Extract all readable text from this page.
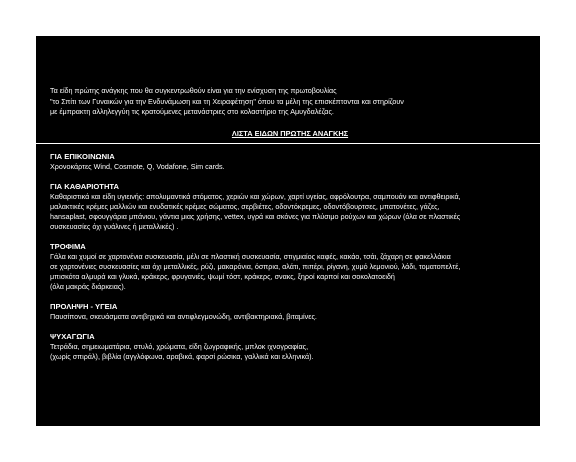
Τα είδη πρώτης ανάγκης που θα συγκεντρωθούν είναι για την ενίσχυση της πρωτοβουλίας
"το Σπίτι των Γυναικών για την Ενδυνάμωση και τη Χειραφέτηση" όπου τα μέλη της επισκέπτονται και στηρίζουν
με έμπρακτη αλληλεγγύη τις κρατούμενες μετανάστριες στο κολαστήριο της Αμυγδαλέζας.
ΛΙΣΤΑ ΕΙΔΩΝ ΠΡΩΤΗΣ ΑΝΑΓΚΗΣ
ΓΙΑ ΕΠΙΚΟΙΝΩΝΙΑ
Χρονοκάρτες Wind, Cosmote, Q, Vodafone, Sim cards.
ΓΙΑ ΚΑΘΑΡΙΟΤΗΤΑ
Καθαριστικά και είδη υγιεινής: απολυμαντικά στόματος, χεριών και χώρων, χαρτί υγείας, αφρόλουτρα, σαμπουάν και αντιφθειρικά,
μαλακτικές κρέμες μαλλιών και ενυδατικές κρέμες σώματος, σερβιέτες, οδοντόκρεμες, οδοντόβουρτσες, μπατονέτες, γάζες,
hansaplast, σφουγγάρια μπάνιου, γάντια μιας χρήσης, vettex, υγρά και σκόνες για πλύσιμο ρούχων και χώρων (όλα σε πλαστικές
συσκευασίες όχι γυάλινες ή μεταλλικές) .
ΤΡΟΦΙΜΑ
Γάλα και χυμοί σε χαρτονένια συσκευασία, μέλι σε πλαστική συσκευασία, στιγμιαίος καφές, κακάο, τσάι, ζάχαρη σε φακελλάκια
σε χαρτονένιες συσκευασίες και όχι μεταλλικές, ρύζι, μακαρόνια, όσπρια, αλάτι, πιπέρι, ρίγανη, χυμό λεμονιού, λάδι, τοματοπελτέ,
μπισκότα αλμυρά και γλυκά, κράκερς, φρυγανιές, ψωμί τόστ, κράκερς, σνακς, ξηροί καρποί και σοκολατοειδή
(όλα μακράς διάρκειας).
ΠΡΟΛΗΨΗ - ΥΓΕΙΑ
Παυσίπονα, σκευάσματα αντιβηχικά και αντιφλεγμονώδη, αντιβακτηριακά, βιταμίνες.
ΨΥΧΑΓΩΓΙΑ
Τετράδια, σημειωματάρια, στυλό, χρώματα, είδη ζωγραφικής, μπλοκ ιχνογραφίας,
(χωρίς σπιράλ), βιβλία (αγγλόφωνα, αραβικά, φαρσί ρώσικα, γαλλικά και ελληνικά).
